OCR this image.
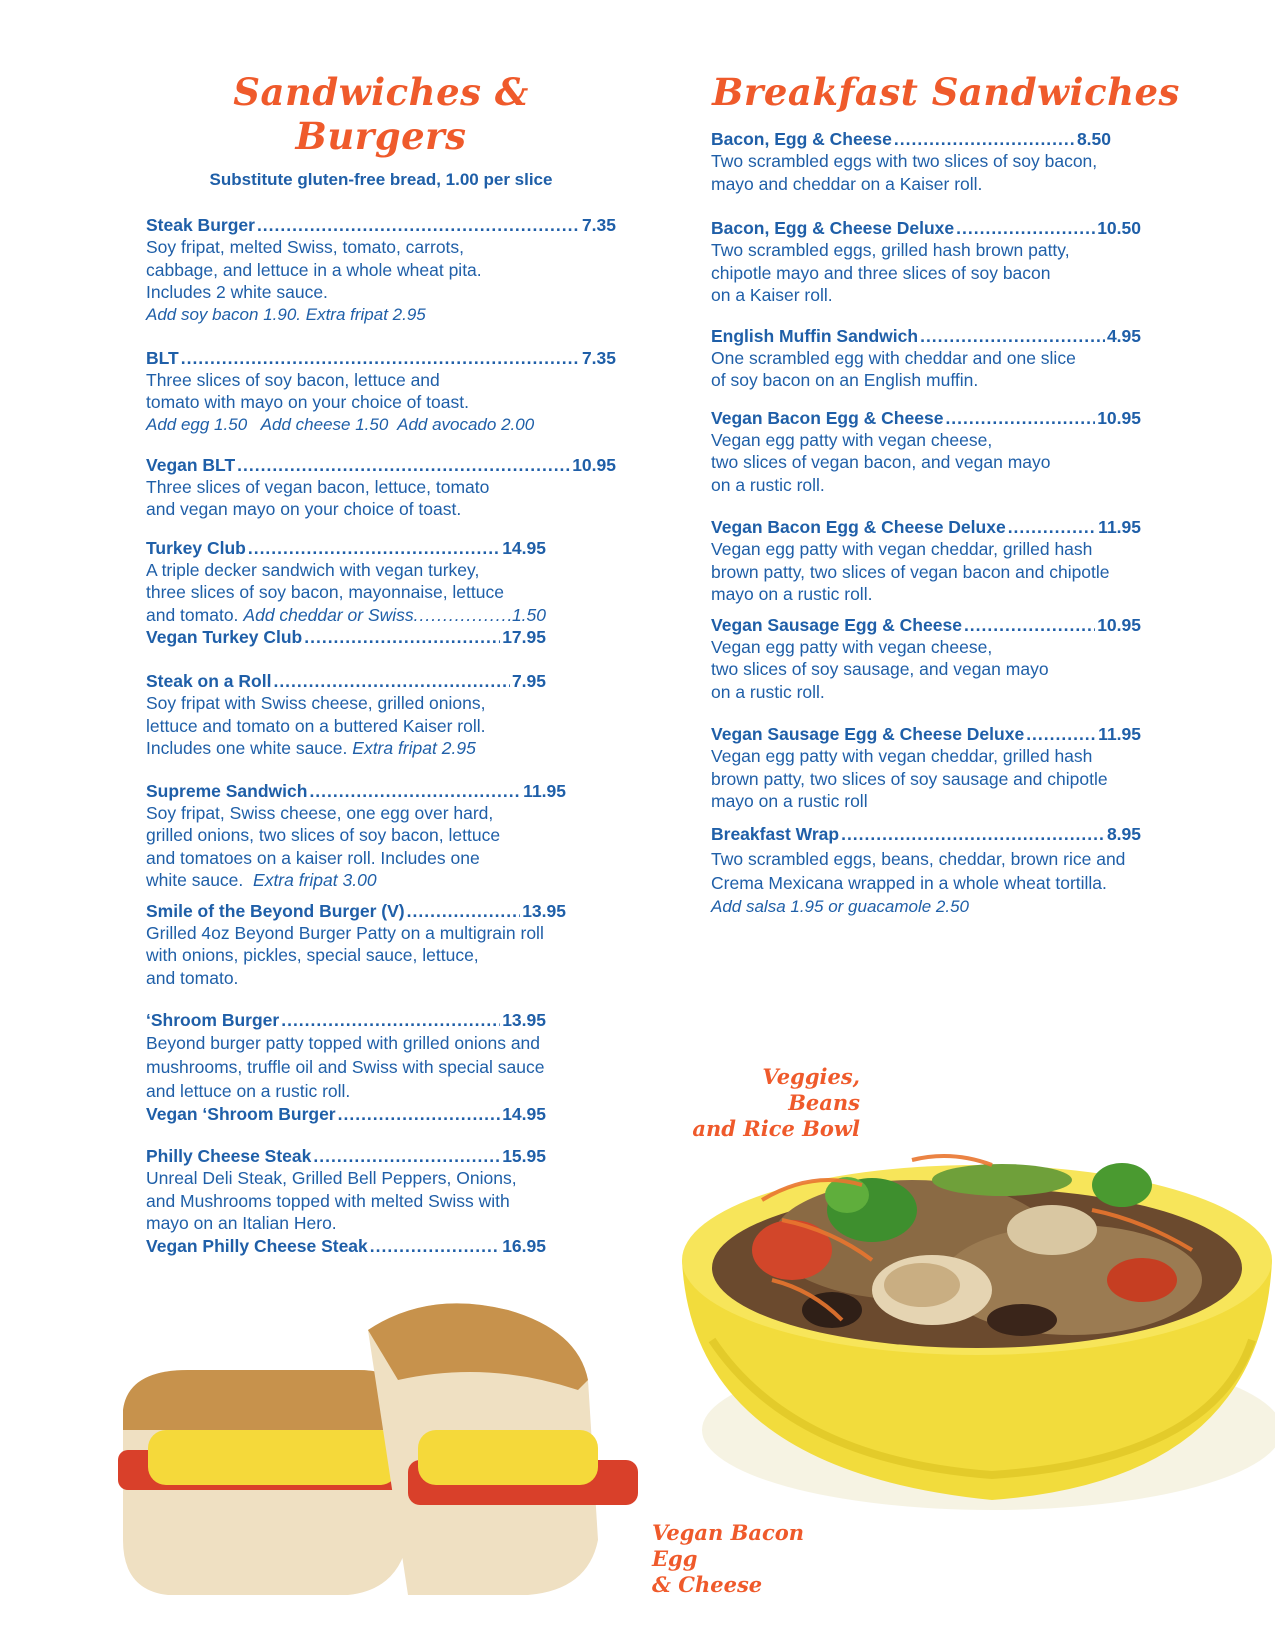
Sandwiches & Burgers

Substitute gluten-free bread, 1.00 per slice

Steak Burger .....	7.35

Soy fripat, melted Swiss, tomato, carrots,

cabbage, and lettuce in a whole wheat pita.

Includes 2 white sauce.

Add soy bacon 1.90. Extra fripat 2.95

BLT .....	7.35

Three slices of soy bacon, lettuce and

tomato with mayo on your choice of toast.

Add egg 1.50   Add cheese 1.50  Add avocado 2.00

Vegan BLT .....	10.95

Three slices of vegan bacon, lettuce, tomato

and vegan mayo on your choice of toast.

Turkey Club .....	14.95

A triple decker sandwich with vegan turkey,

three slices of soy bacon, mayonnaise, lettuce

and tomato. Add cheddar or Swiss .....	1.50
Vegan Turkey Club .....	17.95
Steak on a Roll .....	7.95

Soy fripat with Swiss cheese, grilled onions,

lettuce and tomato on a buttered Kaiser roll.

Includes one white sauce. Extra fripat 2.95

Supreme Sandwich .....	11.95

Soy fripat, Swiss cheese, one egg over hard,

grilled onions, two slices of soy bacon, lettuce

and tomatoes on a kaiser roll. Includes one

white sauce. Extra fripat 3.00

Smile of the Beyond Burger (V) .....	13.95

Grilled 4oz Beyond Burger Patty on a multigrain roll

with onions, pickles, special sauce, lettuce,

and tomato.

‘Shroom Burger .....	13.95

Beyond burger patty topped with grilled onions and

mushrooms, truffle oil and Swiss with special sauce

and lettuce on a rustic roll.

Vegan ‘Shroom Burger .....	14.95
Philly Cheese Steak .....	15.95

Unreal Deli Steak, Grilled Bell Peppers, Onions,

and Mushrooms topped with melted Swiss with

mayo on an Italian Hero.

Vegan Philly Cheese Steak .....	16.95
Breakfast Sandwiches
Bacon, Egg & Cheese .....	8.50

Two scrambled eggs with two slices of soy bacon,

mayo and cheddar on a Kaiser roll.

Bacon, Egg & Cheese Deluxe .....	10.50

Two scrambled eggs, grilled hash brown patty,

chipotle mayo and three slices of soy bacon

on a Kaiser roll.

English Muffin Sandwich .....	4.95

One scrambled egg with cheddar and one slice

of soy bacon on an English muffin.

Vegan Bacon Egg & Cheese .....	10.95

Vegan egg patty with vegan cheese,

two slices of vegan bacon, and vegan mayo

on a rustic roll.

Vegan Bacon Egg & Cheese Deluxe .....	11.95

Vegan egg patty with vegan cheddar, grilled hash

brown patty, two slices of vegan bacon and chipotle

mayo on a rustic roll.

Vegan Sausage Egg & Cheese .....	10.95

Vegan egg patty with vegan cheese,

two slices of soy sausage, and vegan mayo

on a rustic roll.

Vegan Sausage Egg & Cheese Deluxe .....	11.95

Vegan egg patty with vegan cheddar, grilled hash

brown patty, two slices of soy sausage and chipotle

mayo on a rustic roll

Breakfast Wrap .....	8.95

Two scrambled eggs, beans, cheddar, brown rice and

Crema Mexicana wrapped in a whole wheat tortilla.

Add salsa 1.95 or guacamole 2.50

Veggies, Beans
and Rice Bowl
Vegan Bacon Egg
& Cheese
